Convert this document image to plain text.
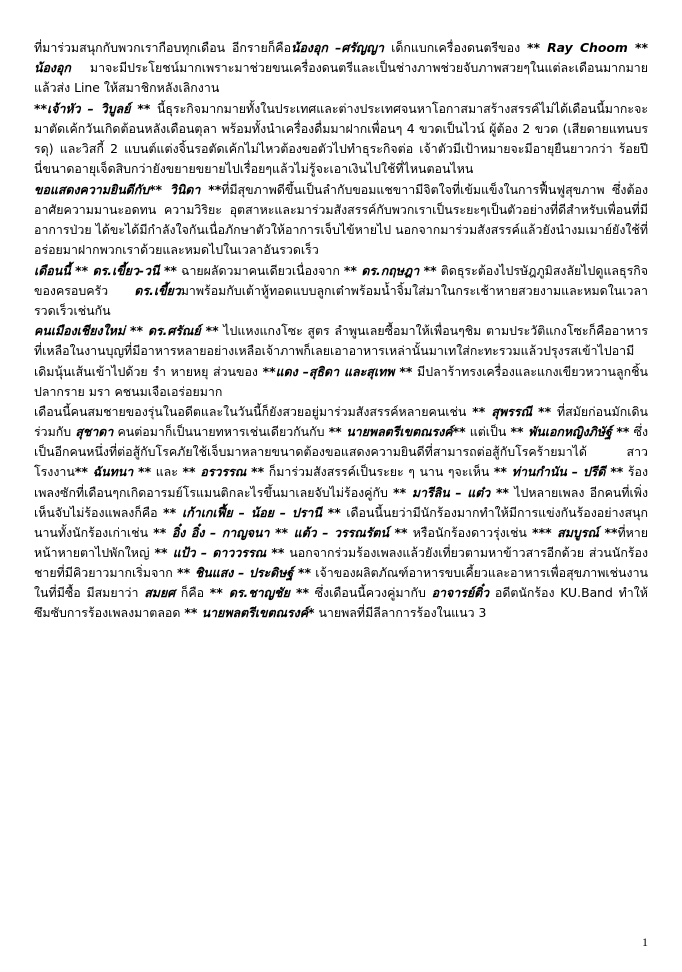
ที่มาร่วมสนุกกับพวกเรากือบทุกเดือน อีกรายก็คือน้องอุก –ศรัญญา เด็กแบกเครื่องดนตรีของ ** Ray Choom ** น้องอุก มาจะมีประโยชน์มากเพราะมาช่วยขนเครื่องดนตรีและเป็นช่างภาพช่วยจับภาพสวยๆในแต่ละเดือนมากมายแล้วส่ง Line ให้สมาชิกหลังเลิกงาน

**เจ้าหัว – วิบูลย์ ** นี้ธุระกิจมากมายทั้งในประเทศและต่างประเทศจนหาโอกาสมาสร้างสรรค์ไม่ได้เดือนนี้มากะจะมาตัดเค้กวันเกิดต้อนหลังเดือนตุลา พร้อมทั้งนำเครื่องดื่มมาฝากเพื่อนๆ 4 ขวดเป็นไวน์ ผู้ต้อง 2 ขวด (เสียดายแทนบรรดุ) และวิสกี้ 2 แบนต์แต่งจิ้นรอตัดเค้กไม่ไหวต้องขอตัวไปทำธุระกิจต่อ เจ้าตัวมีเป้าหมายจะมีอายุยืนยาวกว่า ร้อยปี นี่ขนาดอายุเจ็ดสิบกว่ายังขยายขยายไปเรื่อยๆแล้วไม่รู้จะเอาเงินไปใช้ที่ไหนตอนไหน

ขอแสดงความยินดีกับ** วินิดา **ที่มีสุขภาพดีขึ้นเป็นลำกับขอมแชขาามีจิตใจที่เข้มแข็งในการฟื้นฟูสุขภาพ ซึ่งต้องอาศัยความมานะอดทน ความวิริยะ อุตสาหะและมาร่วมสังสรรค์กับพวกเราเป็นระยะๆเป็นตัวอย่างที่ดีสำหรับเพื่อนที่มีอาการป่วย ได้ขะได้มีกำลังใจกันเนื่อภักษาตัวให้อาการเจ็บไข้หายไป นอกจากมาร่วมสังสรรค์แล้วยังนำงมเมาย์ยังใช้ที่อร่อยมาฝากพวกเราด้วยและหมดไปในเวลาอันรวดเร็ว

เดือนนี้ ** ดร.เขี้ยว-วนี ** ฉายผลัดวมาคนเดียวเนื่องจาก ** ดร.กฤษฎา ** ติดธุระต้องไปรษัฎภูมิสงลัยไปดูแลธุรกิจของครอบครัว ดร.เขี้ยวมาพร้อมกับเต้าหู้ทอดแบบลูกเต๋าพร้อมน้ำจิ้มใส่มาในกระเช้าหายสวยงามและหมดในเวลารวดเร็วเช่นกัน

คนเมืองเชียงใหม่ ** ดร.ศรัณย์ ** ไปแหงแกงโซะ สูตร ลำพูนเลยซื้อมาให้เพื่อนๆชิม ตามประวัติแกงโซะก็คืออาหารที่เหลือในงานบุญที่มีอาหารหลายอย่างเหลือเจ้าภาพก็เลยเอาอาหารเหล่านั้นมาเทใส่กะทะรวมแล้วปรุงรสเข้าไปอามีเดิมนุ้นเส้นเข้าไปด้วย รำ หายหยุ ส่วนของ **แดง –สุธิดา และสุเทพ ** มีปลาร้าทรงเครื่องและแกงเขียวหวานลูกชิ้นปลากราย มรา คชนมเจือเอร่อยมาก

เดือนนี้คนสมชายของรุ่นในอดีตและในวันนี้ก็ยังสวยอยู่มาร่วมสังสรรค์หลายคนเช่น ** สุพรรณี ** ที่สมัยก่อนมักเดินร่วมกับ สุชาดา คนต่อมาก็เป็นนายทหารเช่นเดียวกันกับ ** นายพลตรีเขตณรงค์** แต่เป็น ** พันเอกหญิงภิษัฐ์ ** ซึ่งเป็นอีกคนหนึ่งที่ต่อสู้กับโรคภัยใช้เจ็บมาหลายขนาดต้องขอแสดงความยินดีที่สามารถต่อสู้กับโรคร้ายมาได้ สาวโรงงาน** ฉันทนา ** และ ** อรวรรณ ** ก็มาร่วมสังสรรค์เป็นระยะ ๆ นาน ๆจะเห็น ** ท่านกำนัน – ปรีดี ** ร้องเพลงซักที่เดือนๆกเกิดอารมย์โรแมนติกละไรขึ้นมาเลยจับไม่ร้องคู่กับ ** มารีลิน – แต๋ว ** ไปหลายเพลง อีกคนที่เพิ่งเห็นจับไม่ร้องแพลงก็คือ ** เก้าเกเฟี้ย – น้อย – ปรานี ** เดือนนี้นยว่ามีนักร้องมากทำให้มีการแข่งกันร้องอย่างสนุกนานทั้งนักร้องเก่าเช่น ** อิ๋ง อิ๋ง – กาญจนา ** แต้ว – วรรณรัตน์ ** หรือนักร้องดาวรุ่งเช่น *** สมบูรณ์ **ที่หายหน้าหายตาไปพักใหญ่ ** แป้ว – ดาววรรณ ** นอกจากร่วมร้องเพลงแล้วยังเที่ยวตามหาข้าวสารอีกด้วย ส่วนนักร้องชายที่มีคิวยาวมากเริ่มจาก ** ชินแสง – ประดิษฐ์ ** เจ้าของผลิตภัณฑ์อาหารขบเคี้ยวและอาหารเพื่อสุขภาพเช่นงานในที่มีซื้อ มีสมยาว่า สมยศ ก็คือ ** ดร.ชาญชัย ** ซึ่งเดือนนี้ควงคู่มากับ อาจารย์ติ๋ว อดีตนักร้อง KU.Band ทำให้ซึมซับการร้องเพลงมาตลอด ** นายพลตรีเขตณรงค์* นายพลที่มีลีลาการร้องในแนว 3

1
